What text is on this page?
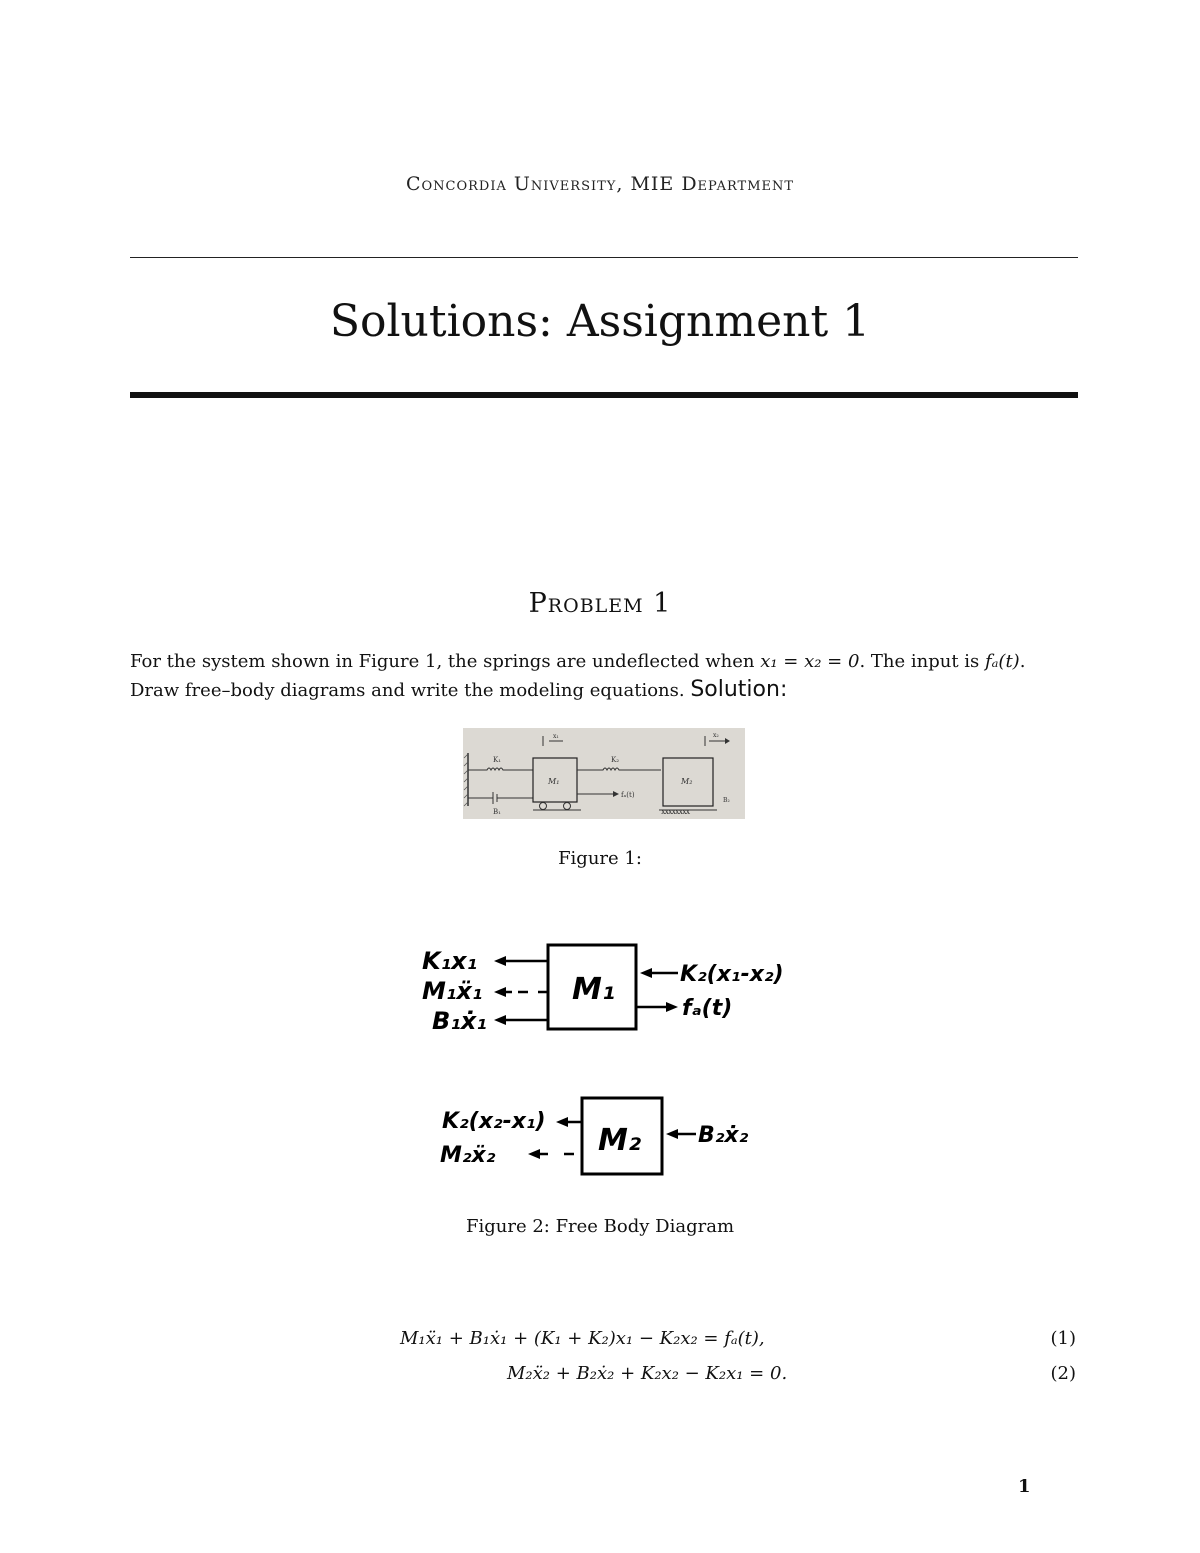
Concordia University, MIE Department
Solutions: Assignment 1
Problem 1
For the system shown in Figure 1, the springs are undeflected when x₁ = x₂ = 0. The input is fₐ(t). Draw free–body diagrams and write the modeling equations. Solution:
K₁
B₁
M₁
x₁
K₂
fₐ(t)
M₂
xxxxxxxx
B₂
x₂
Figure 1:
M₁
K₁x₁
M₁ẍ₁
B₁ẋ₁
K₂(x₁-x₂)
fₐ(t)
M₂
K₂(x₂-x₁)
M₂ẍ₂
B₂ẋ₂
Figure 2: Free Body Diagram
M₁ẍ₁ + B₁ẋ₁ + (K₁ + K₂)x₁ − K₂x₂ = fₐ(t),	(1)
M₂ẍ₂ + B₂ẋ₂ + K₂x₂ − K₂x₁ = 0.	(2)
1
